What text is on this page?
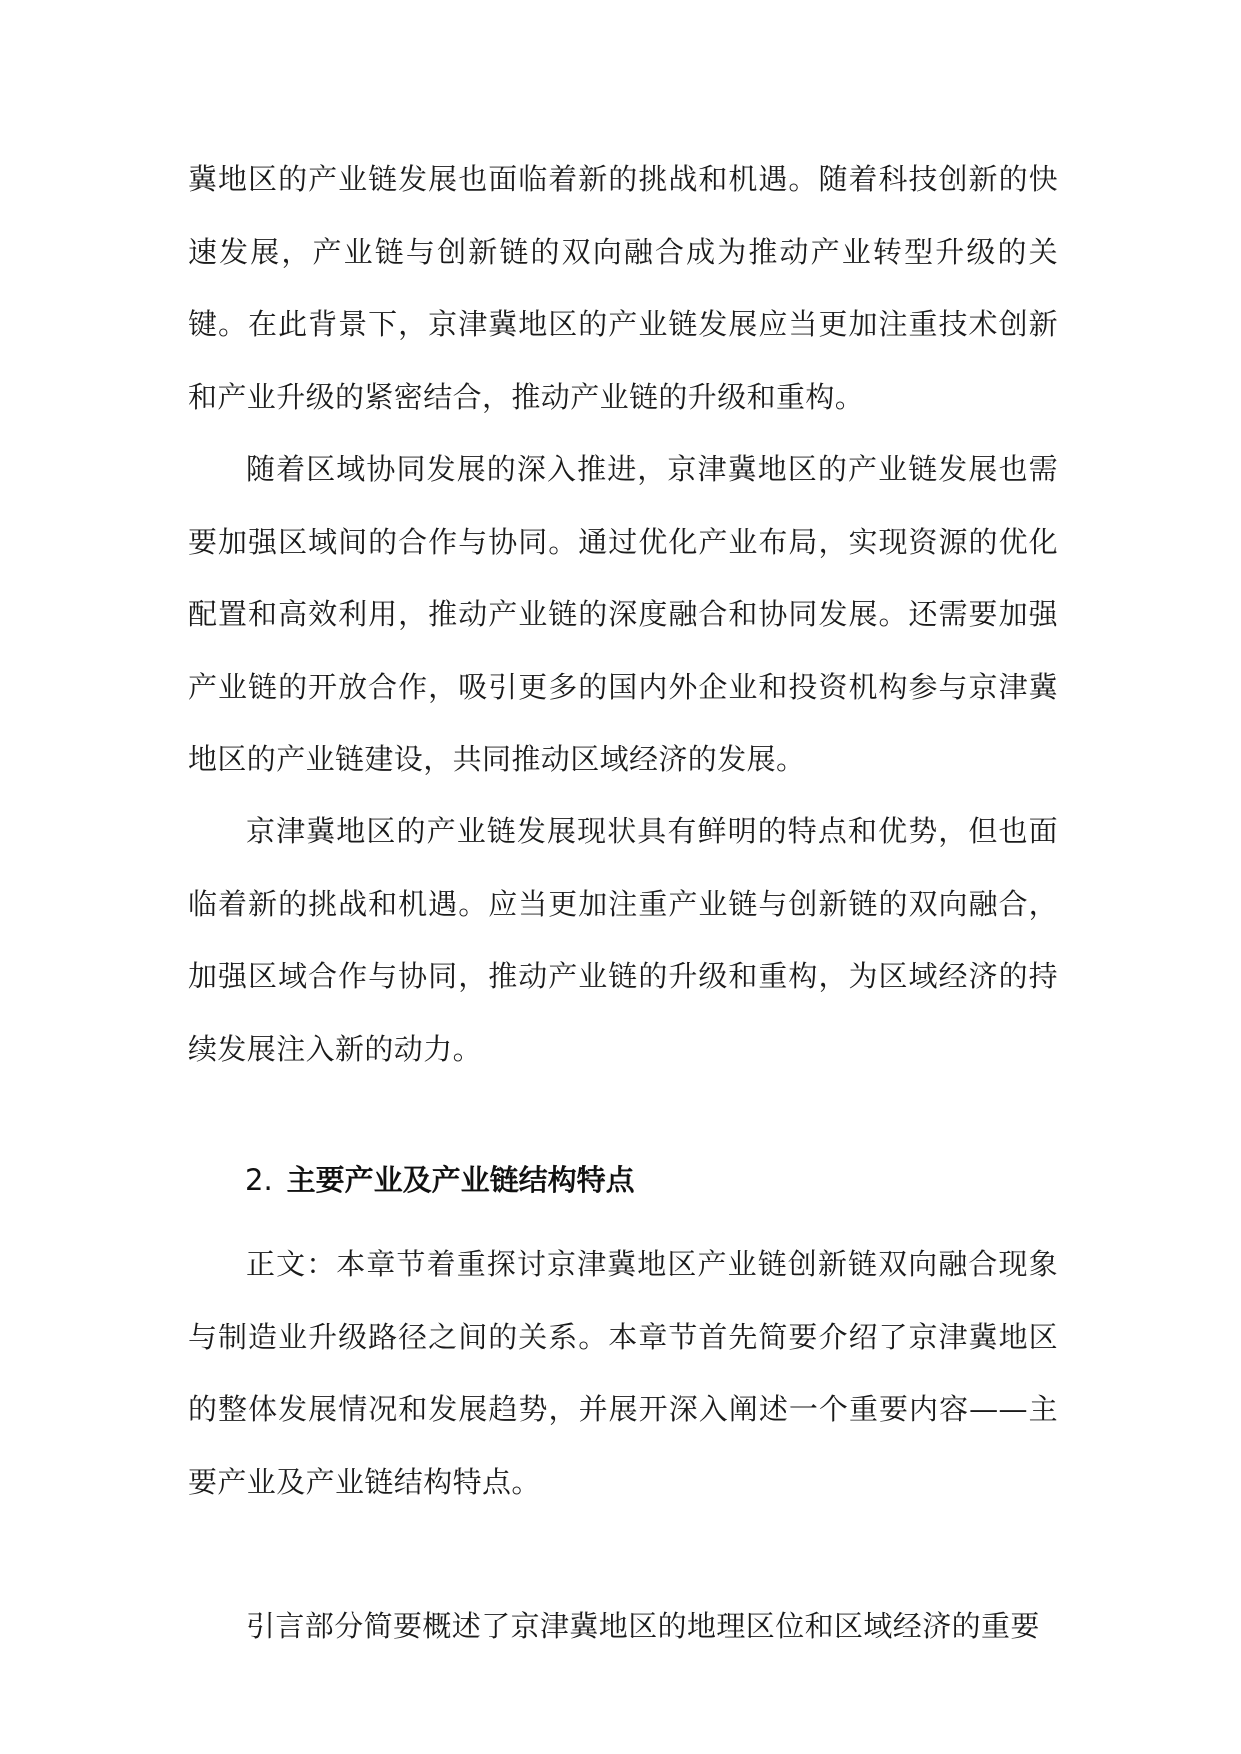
冀地区的产业链发展也面临着新的挑战和机遇。随着科技创新的快速发展，产业链与创新链的双向融合成为推动产业转型升级的关键。在此背景下，京津冀地区的产业链发展应当更加注重技术创新和产业升级的紧密结合，推动产业链的升级和重构。

随着区域协同发展的深入推进，京津冀地区的产业链发展也需要加强区域间的合作与协同。通过优化产业布局，实现资源的优化配置和高效利用，推动产业链的深度融合和协同发展。还需要加强产业链的开放合作，吸引更多的国内外企业和投资机构参与京津冀地区的产业链建设，共同推动区域经济的发展。

京津冀地区的产业链发展现状具有鲜明的特点和优势，但也面临着新的挑战和机遇。应当更加注重产业链与创新链的双向融合，加强区域合作与协同，推动产业链的升级和重构，为区域经济的持续发展注入新的动力。

2. 主要产业及产业链结构特点

正文：本章节着重探讨京津冀地区产业链创新链双向融合现象与制造业升级路径之间的关系。本章节首先简要介绍了京津冀地区的整体发展情况和发展趋势，并展开深入阐述一个重要内容——主要产业及产业链结构特点。

引言部分简要概述了京津冀地区的地理区位和区域经济的重要
